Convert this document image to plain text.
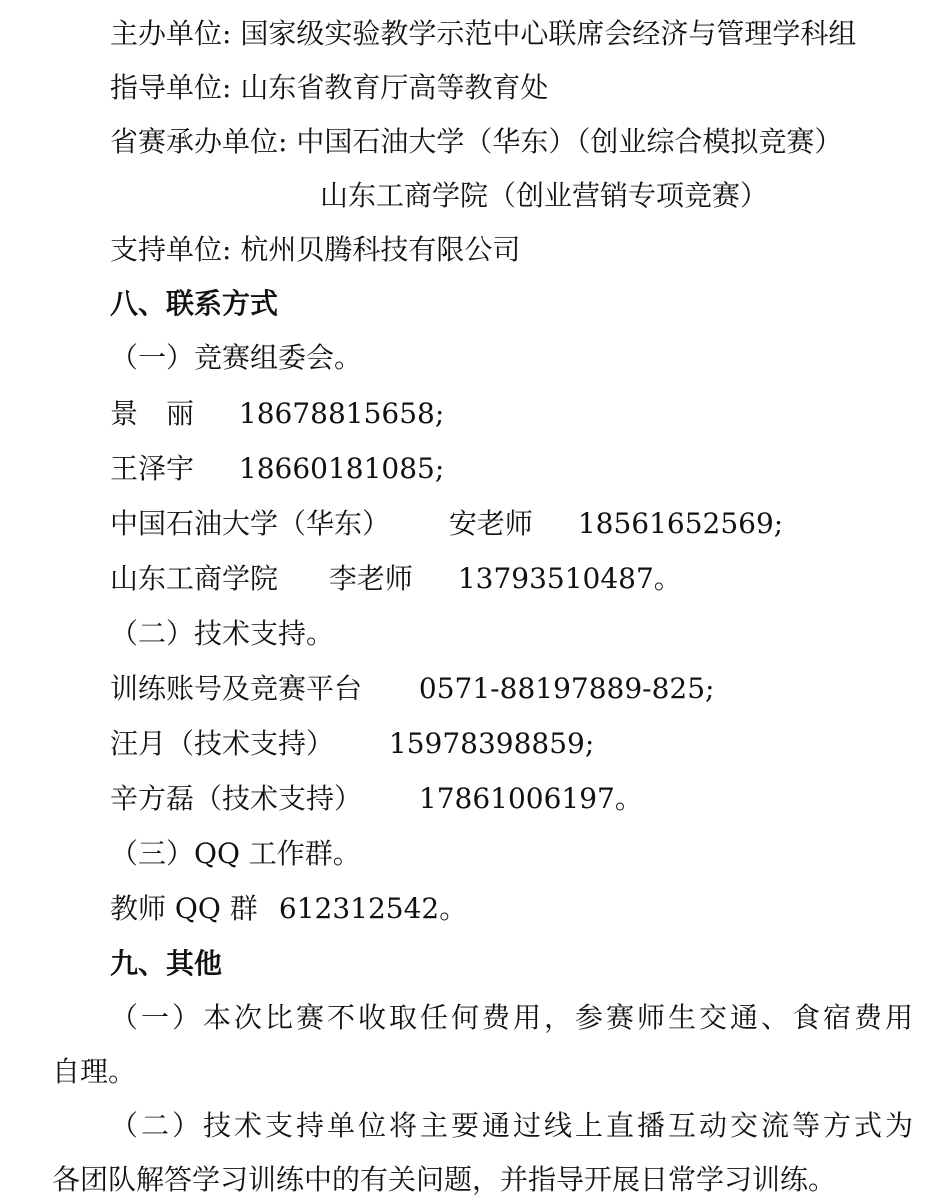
主办单位: 国家级实验教学示范中心联席会经济与管理学科组
指导单位: 山东省教育厅高等教育处
省赛承办单位: 中国石油大学（华东）（创业综合模拟竞赛）
山东工商学院（创业营销专项竞赛）
支持单位: 杭州贝腾科技有限公司
八、联系方式
（一）竞赛组委会。
景　丽 18678815658;
王泽宇 18660181085;
中国石油大学（华东） 安老师 18561652569;
山东工商学院 李老师 13793510487。
（二）技术支持。
训练账号及竞赛平台 0571-88197889-825;
汪月（技术支持） 15978398859;
辛方磊（技术支持） 17861006197。
（三）QQ 工作群。
教师 QQ 群 612312542。
九、其他
（一）本次比赛不收取任何费用，参赛师生交通、食宿费用
自理。
（二）技术支持单位将主要通过线上直播互动交流等方式为
各团队解答学习训练中的有关问题，并指导开展日常学习训练。
